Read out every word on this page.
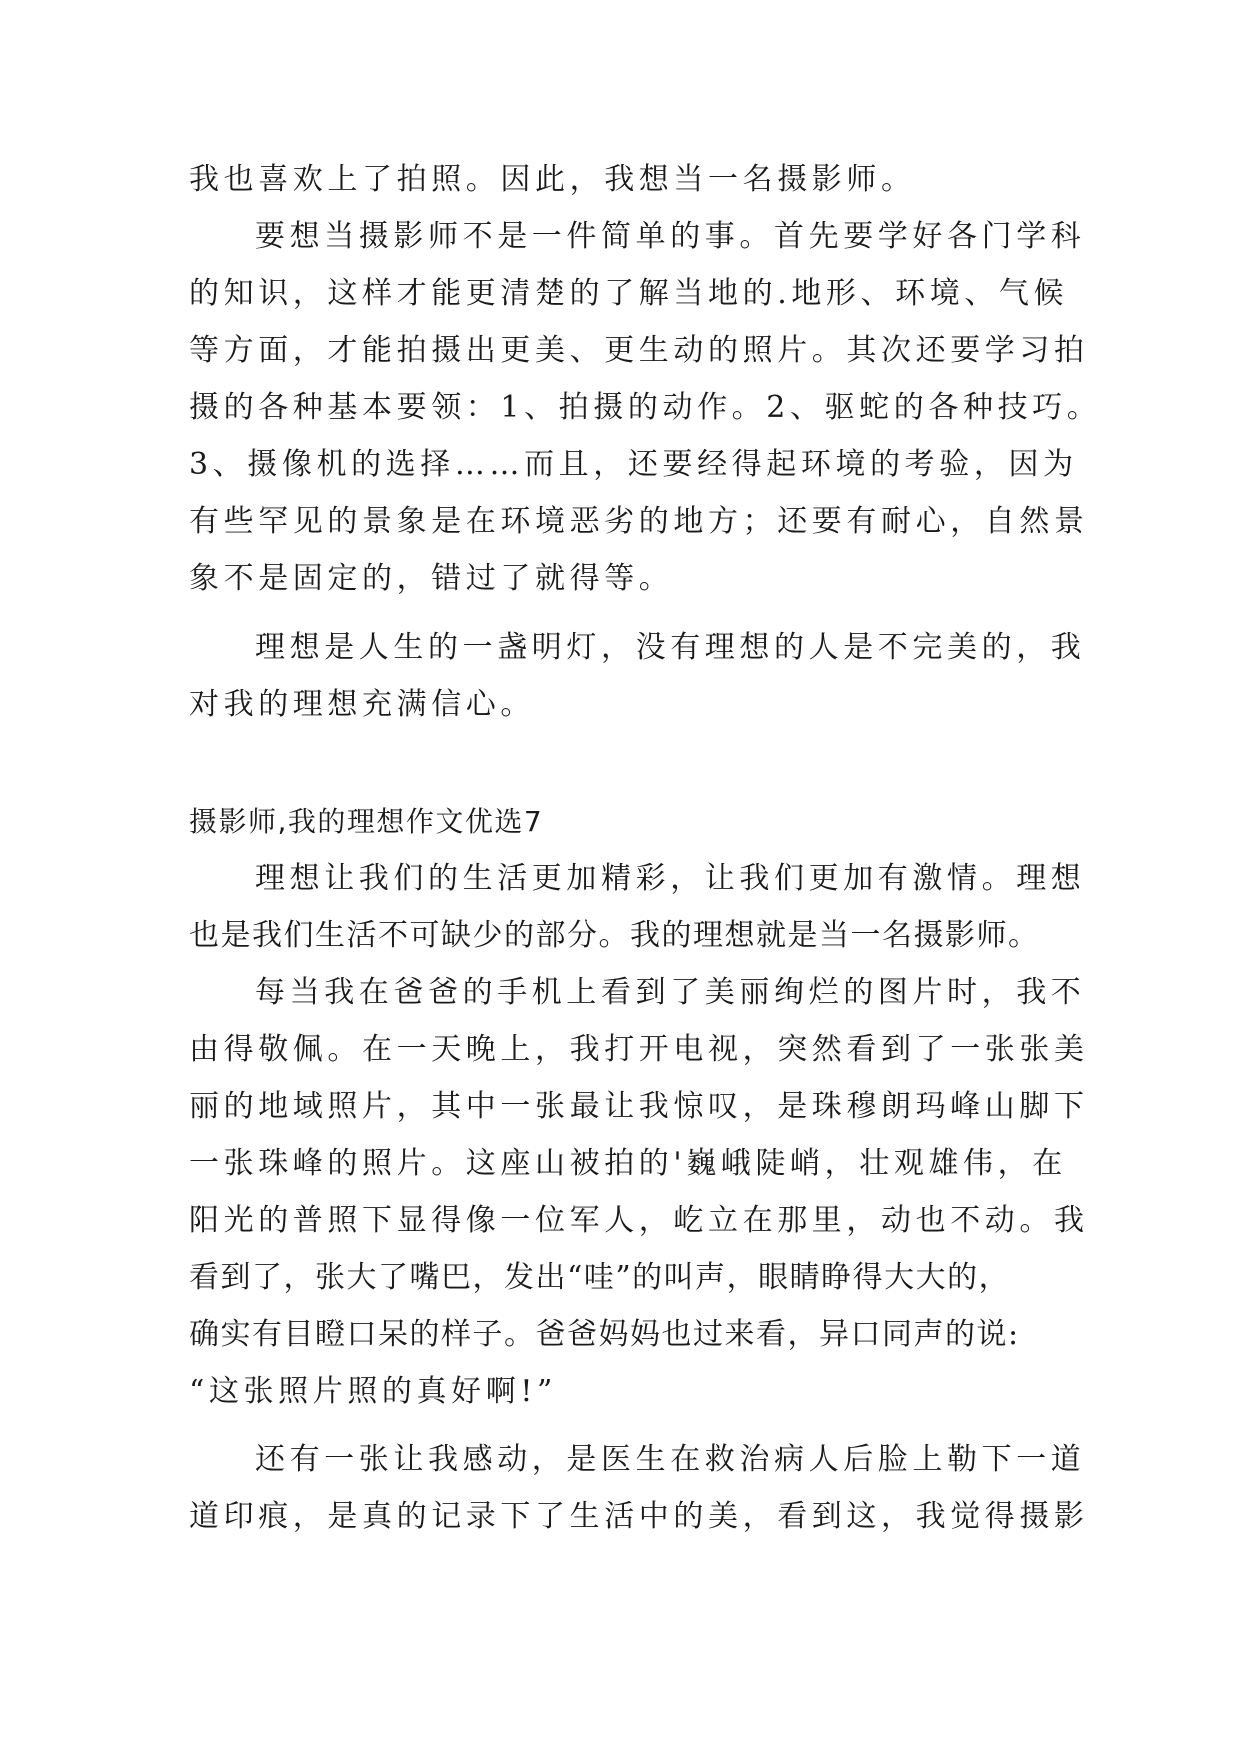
我也喜欢上了拍照。因此，我想当一名摄影师。
要想当摄影师不是一件简单的事。首先要学好各门学科
的知识，这样才能更清楚的了解当地的.地形、环境、气候
等方面，才能拍摄出更美、更生动的照片。其次还要学习拍
摄的各种基本要领：1、拍摄的动作。2、驱蛇的各种技巧。
3、摄像机的选择……而且，还要经得起环境的考验，因为
有些罕见的景象是在环境恶劣的地方；还要有耐心，自然景
象不是固定的，错过了就得等。
理想是人生的一盏明灯，没有理想的人是不完美的，我
对我的理想充满信心。
摄影师,我的理想作文优选7
理想让我们的生活更加精彩，让我们更加有激情。理想
也是我们生活不可缺少的部分。我的理想就是当一名摄影师。
每当我在爸爸的手机上看到了美丽绚烂的图片时，我不
由得敬佩。在一天晚上，我打开电视，突然看到了一张张美
丽的地域照片，其中一张最让我惊叹，是珠穆朗玛峰山脚下
一张珠峰的照片。这座山被拍的'巍峨陡峭，壮观雄伟，在
阳光的普照下显得像一位军人，屹立在那里，动也不动。我
看到了，张大了嘴巴，发出“哇”的叫声，眼睛睁得大大的，
确实有目瞪口呆的样子。爸爸妈妈也过来看，异口同声的说:
“这张照片照的真好啊!”
还有一张让我感动，是医生在救治病人后脸上勒下一道
道印痕，是真的记录下了生活中的美，看到这，我觉得摄影
